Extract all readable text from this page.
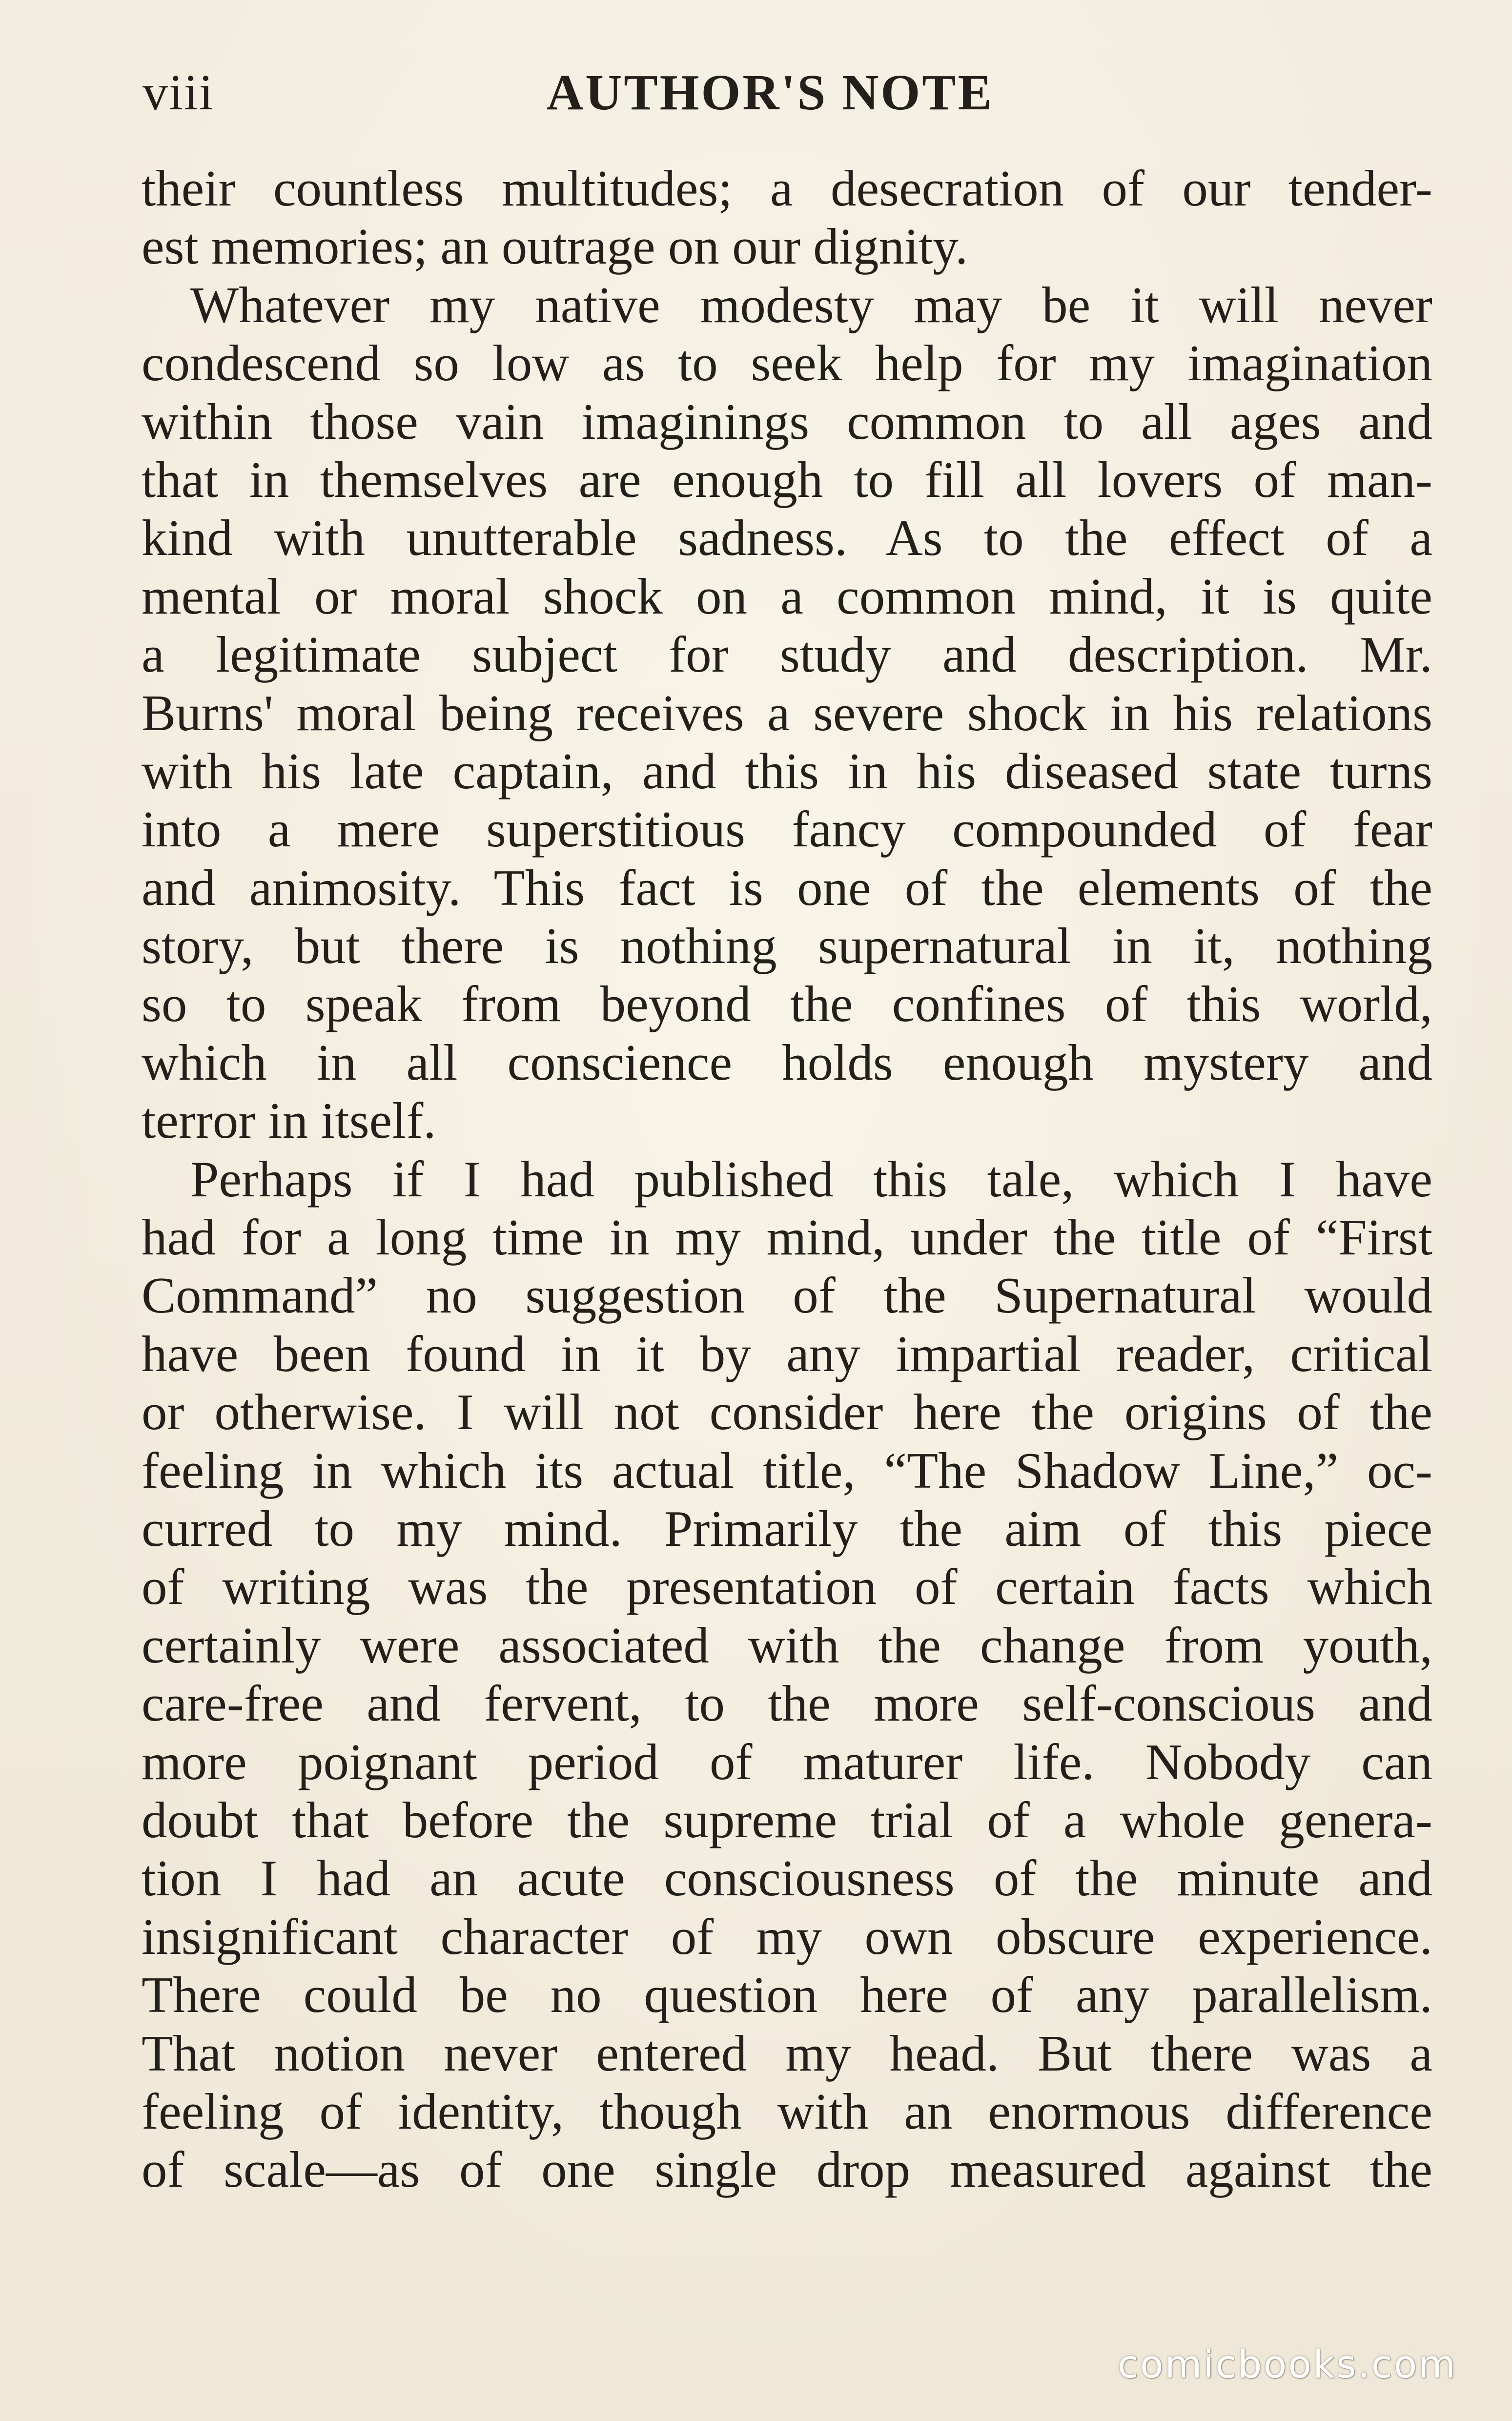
viii	AUTHOR'S NOTE
their countless multitudes; a desecration of our tender-
est memories; an outrage on our dignity.
Whatever my native modesty may be it will never
condescend so low as to seek help for my imagination
within those vain imaginings common to all ages and
that in themselves are enough to fill all lovers of man-
kind with unutterable sadness. As to the effect of a
mental or moral shock on a common mind, it is quite
a legitimate subject for study and description. Mr.
Burns' moral being receives a severe shock in his relations
with his late captain, and this in his diseased state turns
into a mere superstitious fancy compounded of fear
and animosity. This fact is one of the elements of the
story, but there is nothing supernatural in it, nothing
so to speak from beyond the confines of this world,
which in all conscience holds enough mystery and
terror in itself.
Perhaps if I had published this tale, which I have
had for a long time in my mind, under the title of “First
Command” no suggestion of the Supernatural would
have been found in it by any impartial reader, critical
or otherwise. I will not consider here the origins of the
feeling in which its actual title, “The Shadow Line,” oc-
curred to my mind. Primarily the aim of this piece
of writing was the presentation of certain facts which
certainly were associated with the change from youth,
care-free and fervent, to the more self-conscious and
more poignant period of maturer life. Nobody can
doubt that before the supreme trial of a whole genera-
tion I had an acute consciousness of the minute and
insignificant character of my own obscure experience.
There could be no question here of any parallelism.
That notion never entered my head. But there was a
feeling of identity, though with an enormous difference
of scale—as of one single drop measured against the
comicbooks.com
